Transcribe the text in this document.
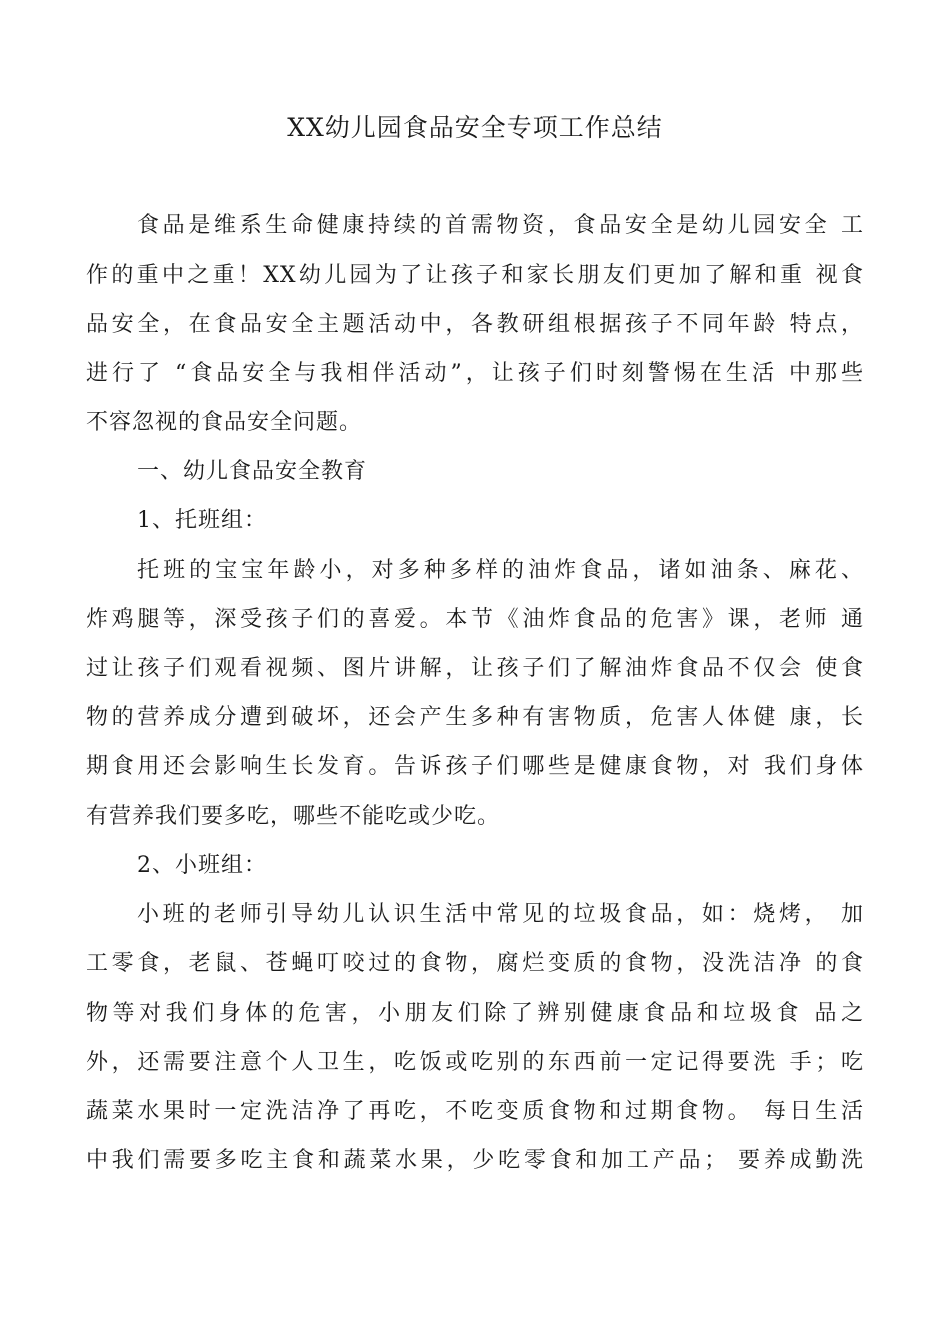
XX幼儿园食品安全专项工作总结
食品是维系生命健康持续的首需物资，食品安全是幼儿园安全 工
作的重中之重！XX幼儿园为了让孩子和家长朋友们更加了解和重 视食
品安全，在食品安全主题活动中，各教研组根据孩子不同年龄 特点，
进行了 “食品安全与我相伴活动”，让孩子们时刻警惕在生活 中那些
不容忽视的食品安全问题。
一、幼儿食品安全教育
1、托班组：
托班的宝宝年龄小，对多种多样的油炸食品，诸如油条、麻花、
炸鸡腿等，深受孩子们的喜爱。本节《油炸食品的危害》课，老师 通
过让孩子们观看视频、图片讲解，让孩子们了解油炸食品不仅会 使食
物的营养成分遭到破坏，还会产生多种有害物质，危害人体健 康，长
期食用还会影响生长发育。告诉孩子们哪些是健康食物，对 我们身体
有营养我们要多吃，哪些不能吃或少吃。
2、小班组：
小班的老师引导幼儿认识生活中常见的垃圾食品，如：烧烤， 加
工零食，老鼠、苍蝇叮咬过的食物，腐烂变质的食物，没洗洁净 的食
物等对我们身体的危害，小朋友们除了辨别健康食品和垃圾食 品之
外，还需要注意个人卫生，吃饭或吃别的东西前一定记得要洗 手；吃
蔬菜水果时一定洗洁净了再吃，不吃变质食物和过期食物。 每日生活
中我们需要多吃主食和蔬菜水果，少吃零食和加工产品； 要养成勤洗
